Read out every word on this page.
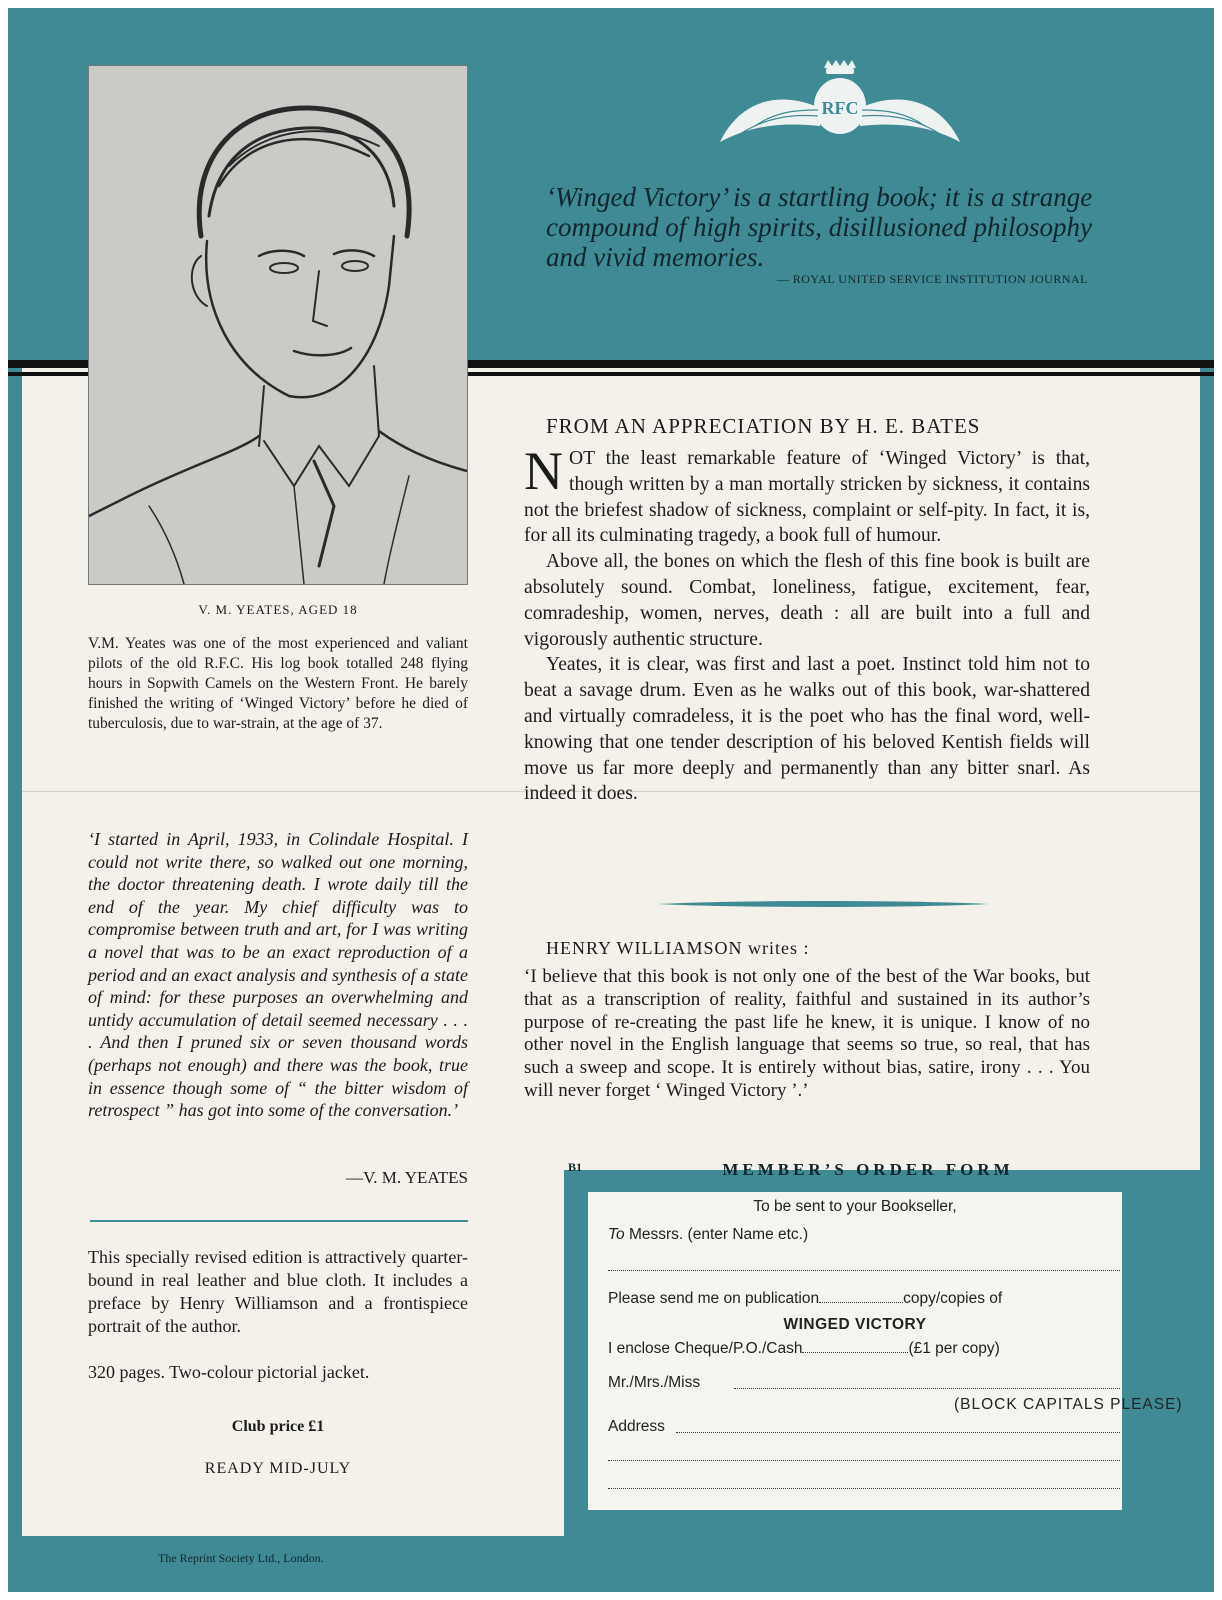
RFC

‘Winged Victory’ is a startling book; it is a strange compound of high spirits, disillusioned philosophy and vivid memories.

— ROYAL UNITED SERVICE INSTITUTION JOURNAL
V. M. YEATES, AGED 18

V.M. Yeates was one of the most experienced and valiant pilots of the old R.F.C. His log book totalled 248 flying hours in Sopwith Camels on the Western Front. He barely finished the writing of ‘Winged Victory’ before he died of tuberculosis, due to war-strain, at the age of 37.

‘I started in April, 1933, in Colindale Hospital. I could not write there, so walked out one morning, the doctor threatening death. I wrote daily till the end of the year. My chief difficulty was to compromise between truth and art, for I was writing a novel that was to be an exact reproduction of a period and an exact analysis and synthesis of a state of mind: for these purposes an overwhelming and untidy accumulation of detail seemed necessary . . . . And then I pruned six or seven thousand words (perhaps not enough) and there was the book, true in essence though some of “ the bitter wisdom of retrospect ” has got into some of the conversation.’

—V. M. YEATES

This specially revised edition is attractively quarter-bound in real leather and blue cloth. It includes a preface by Henry Williamson and a frontispiece portrait of the author.

320 pages. Two-colour pictorial jacket.
Club price £1
READY MID-JULY
FROM AN APPRECIATION BY H. E. BATES

NOT the least remarkable feature of ‘Winged Victory’ is that, though written by a man mortally stricken by sickness, it contains not the briefest shadow of sickness, complaint or self-pity. In fact, it is, for all its culminating tragedy, a book full of humour.

Above all, the bones on which the flesh of this fine book is built are absolutely sound. Combat, loneliness, fatigue, excitement, fear, comradeship, women, nerves, death : all are built into a full and vigorously authentic structure.

Yeates, it is clear, was first and last a poet. Instinct told him not to beat a savage drum. Even as he walks out of this book, war-shattered and virtually comradeless, it is the poet who has the final word, well-knowing that one tender description of his beloved Kentish fields will move us far more deeply and permanently than any bitter snarl. As indeed it does.

HENRY WILLIAMSON writes :

‘I believe that this book is not only one of the best of the War books, but that as a transcription of reality, faithful and sustained in its author’s purpose of re-creating the past life he knew, it is unique. I know of no other novel in the English language that seems so true, so real, that has such a sweep and scope. It is entirely without bias, satire, irony . . . You will never forget ‘ Winged Victory ’.’

B1	MEMBER’S ORDER FORM
To be sent to your Bookseller,
To Messrs. (enter Name etc.)
Please send me on publication	copy/copies of
WINGED VICTORY
I enclose Cheque/P.O./Cash	(£1 per copy)
Mr./Mrs./Miss
(BLOCK CAPITALS PLEASE)
Address
The Reprint Society Ltd., London.
